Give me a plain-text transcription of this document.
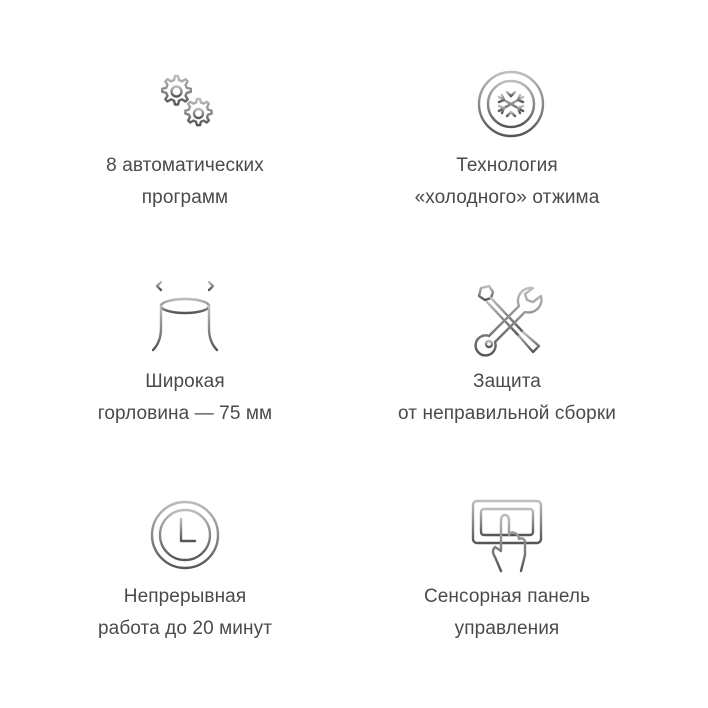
8 автоматических
программ
Технология
«холодного» отжима
Широкая
горловина — 75 мм
Защита
от неправильной сборки
Непрерывная
работа до 20 минут
Сенсорная панель
управления
